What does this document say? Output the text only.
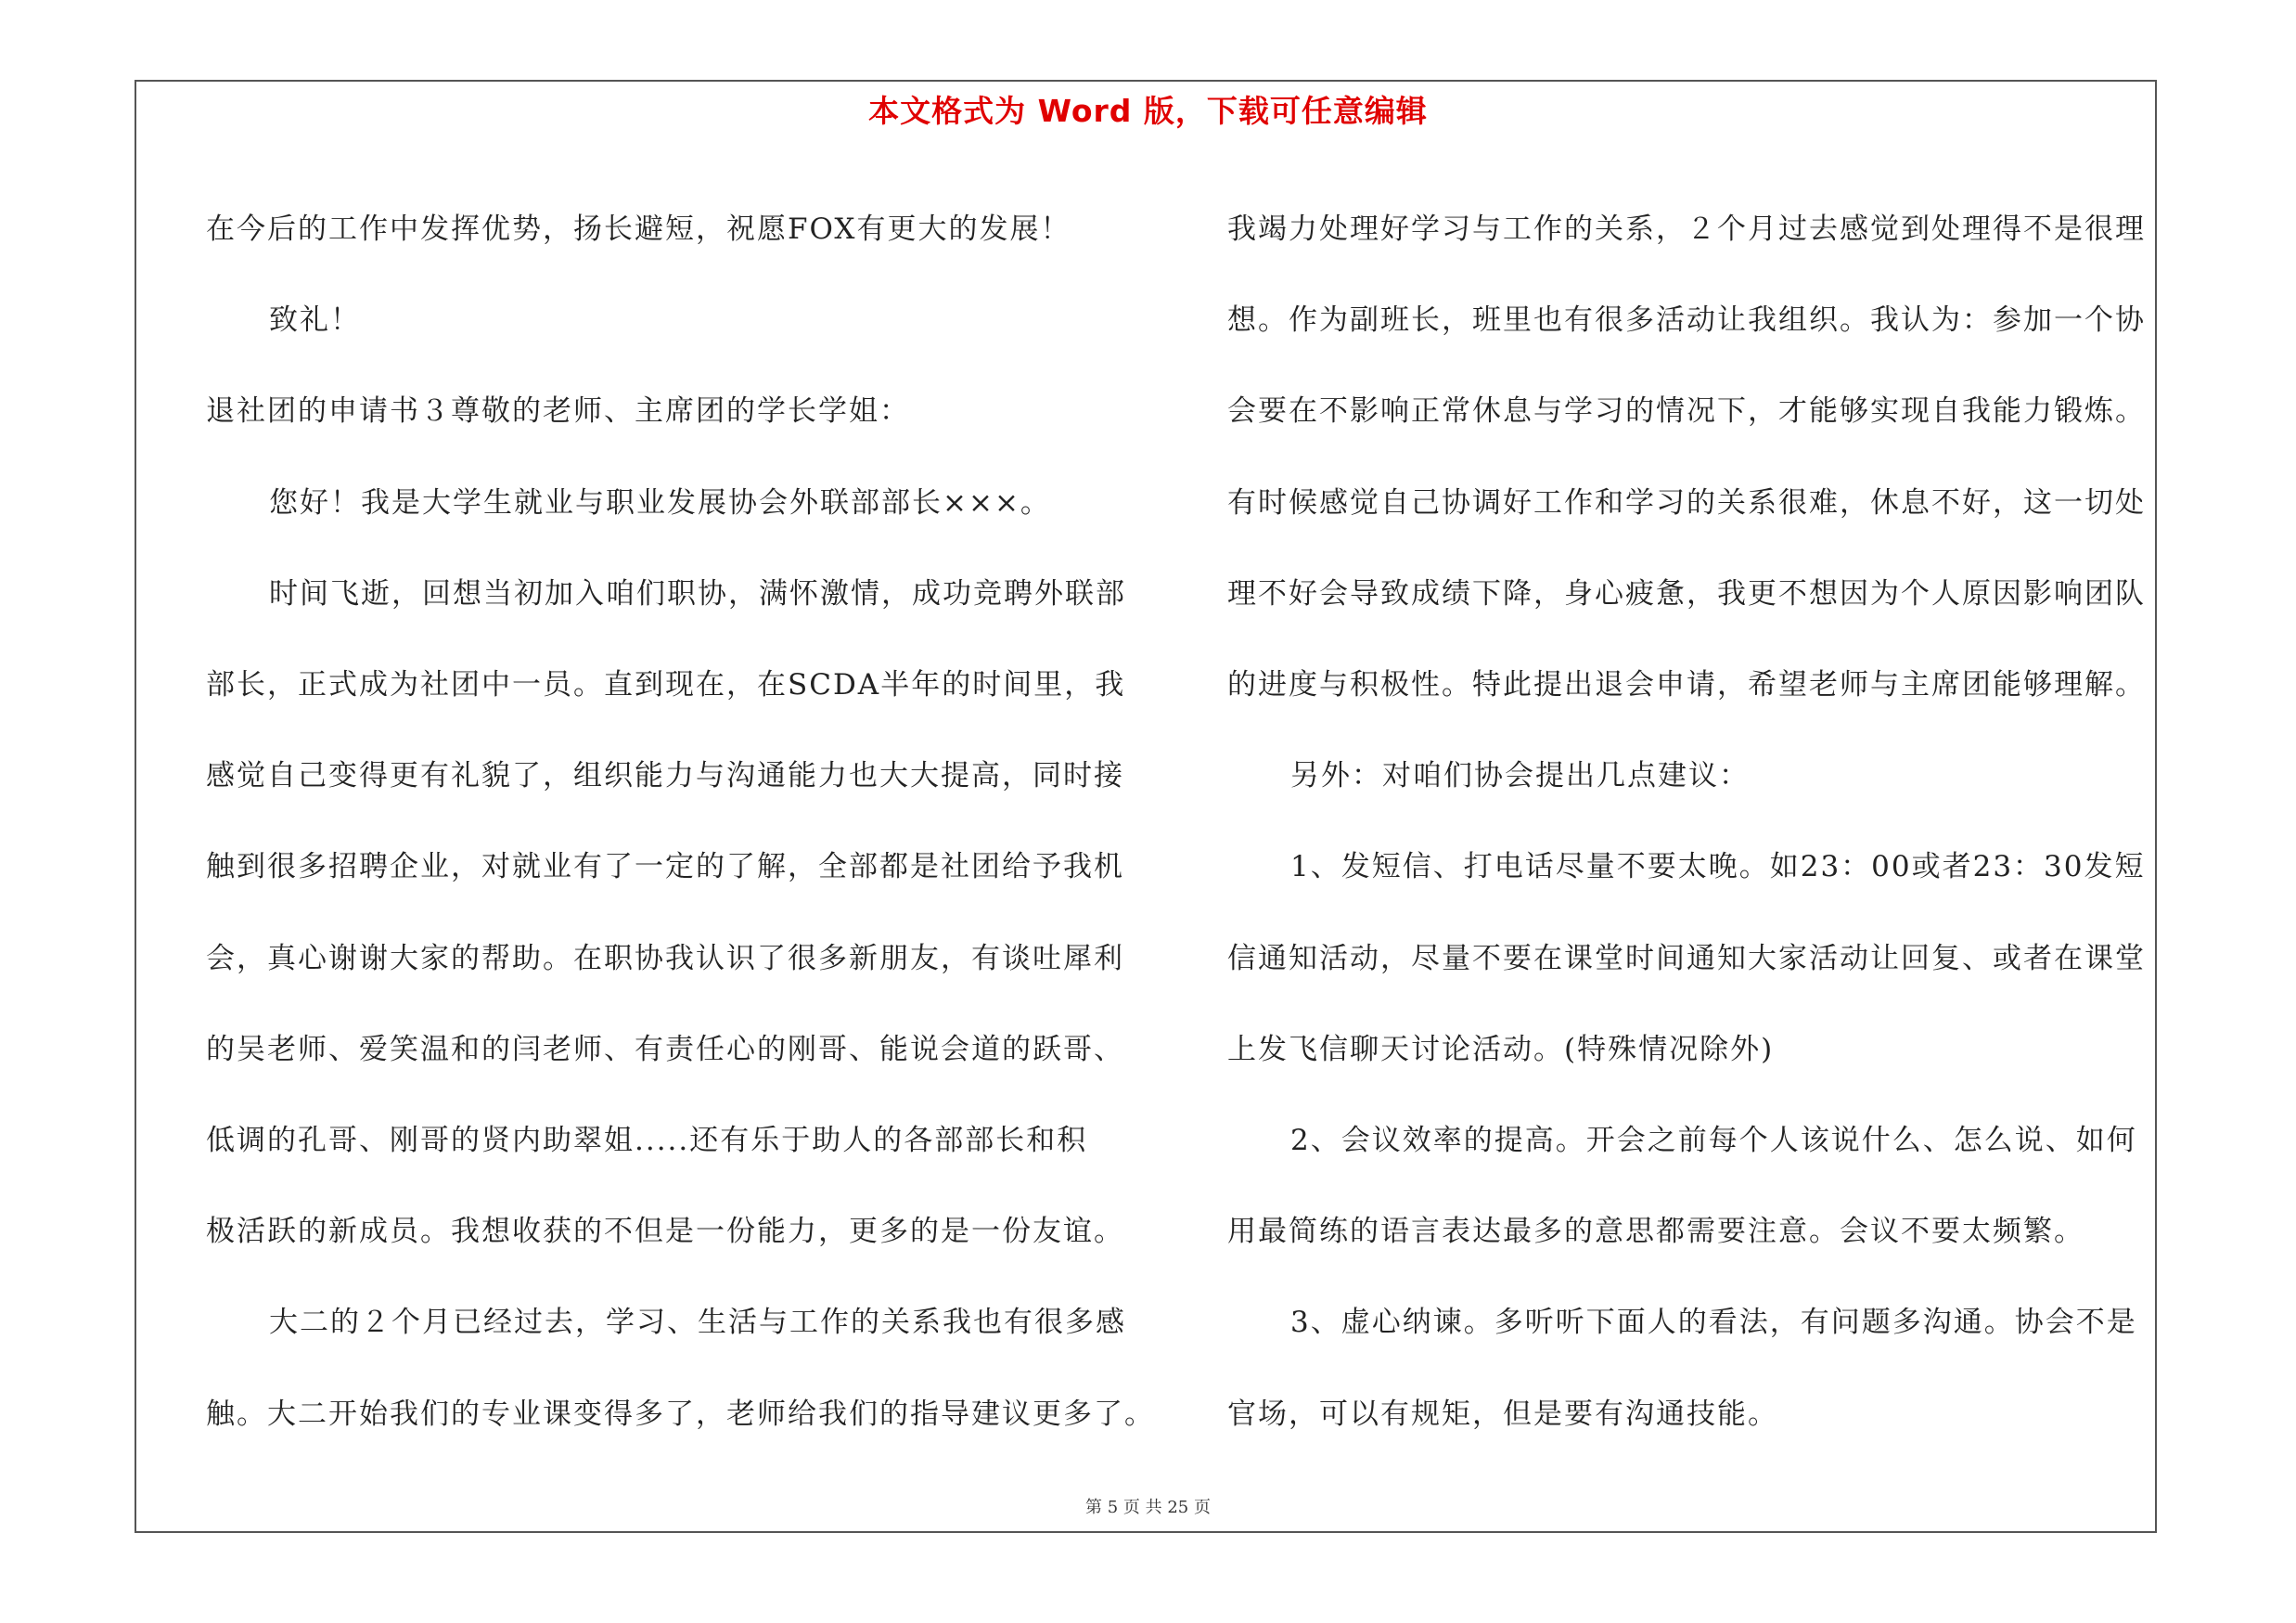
本文格式为 Word 版，下载可任意编辑

在今后的工作中发挥优势，扬长避短，祝愿FOX有更大的发展！

致礼！

退社团的申请书３尊敬的老师、主席团的学长学姐：

您好！我是大学生就业与职业发展协会外联部部长×××。

时间飞逝，回想当初加入咱们职协，满怀激情，成功竞聘外联部

部长，正式成为社团中一员。直到现在，在SCDA半年的时间里，我

感觉自己变得更有礼貌了，组织能力与沟通能力也大大提高，同时接

触到很多招聘企业，对就业有了一定的了解，全部都是社团给予我机

会，真心谢谢大家的帮助。在职协我认识了很多新朋友，有谈吐犀利

的吴老师、爱笑温和的闫老师、有责任心的刚哥、能说会道的跃哥、

低调的孔哥、刚哥的贤内助翠姐.....还有乐于助人的各部部长和积

极活跃的新成员。我想收获的不但是一份能力，更多的是一份友谊。

大二的２个月已经过去，学习、生活与工作的关系我也有很多感

触。大二开始我们的专业课变得多了，老师给我们的指导建议更多了。

我竭力处理好学习与工作的关系，２个月过去感觉到处理得不是很理

想。作为副班长，班里也有很多活动让我组织。我认为：参加一个协

会要在不影响正常休息与学习的情况下，才能够实现自我能力锻炼。

有时候感觉自己协调好工作和学习的关系很难，休息不好，这一切处

理不好会导致成绩下降，身心疲惫，我更不想因为个人原因影响团队

的进度与积极性。特此提出退会申请，希望老师与主席团能够理解。

另外：对咱们协会提出几点建议：

1、发短信、打电话尽量不要太晚。如23：00或者23：30发短

信通知活动，尽量不要在课堂时间通知大家活动让回复、或者在课堂

上发飞信聊天讨论活动。(特殊情况除外)

2、会议效率的提高。开会之前每个人该说什么、怎么说、如何

用最简练的语言表达最多的意思都需要注意。会议不要太频繁。

3、虚心纳谏。多听听下面人的看法，有问题多沟通。协会不是

官场，可以有规矩，但是要有沟通技能。

第 5 页 共 25 页
